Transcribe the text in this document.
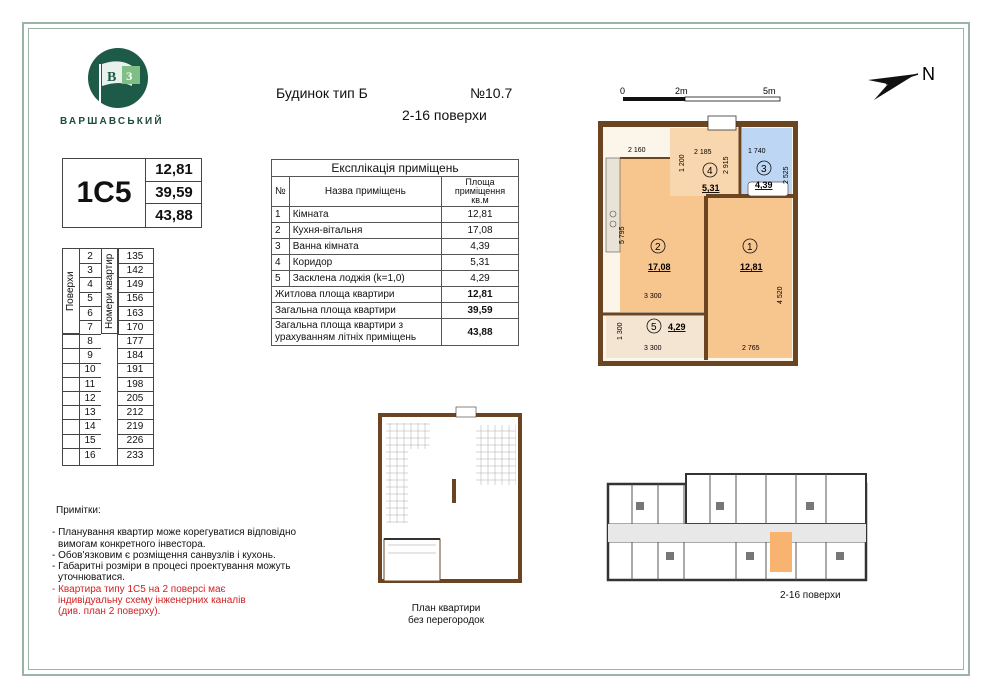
В З
ВАРШАВСЬКИЙ
Будинок тип Б	№10.7
2-16 поверхи
1C5
12,81
39,59
43,88
Поверхи	Номери квартир
2	135
3	142
4	149
5	156
6	163
7	170
8	177
9	184
10	191
11	198
12	205
13	212
14	219
15	226
16	233
Експлікація приміщень		
№	Назва приміщень	Площа приміщення кв.м
1	Кімната	12,81
2	Кухня-вітальня	17,08
3	Ванна кімната	4,39
4	Коридор	5,31
5	Засклена лоджія (k=1,0)	4,29
Житлова площа квартири		12,81
Загальна площа квартири		39,59
Загальна площа квартири з урахуванням літніх приміщень		43,88
Примітки:
- Планування квартир може корегуватися відповідно
вимогам конкретного інвестора.
- Обов'язковим є розміщення санвузлів і кухонь.
- Габаритні розміри в процесі проектування можуть
уточнюватися.
- Квартира типу 1C5 на 2 поверсі має
індивідуальну схему інженерних каналів
(див. план 2 поверху).
N
0	2m	5m
2
17,08
1
12,81
4
5,31
3
4,39
5 4,29
2 160	2 185	1 740
2 915
2 525
1 200
5 795
3 300	4 520
1 300
3 300	2 765
План квартири
без перегородок
2-16 поверхи
